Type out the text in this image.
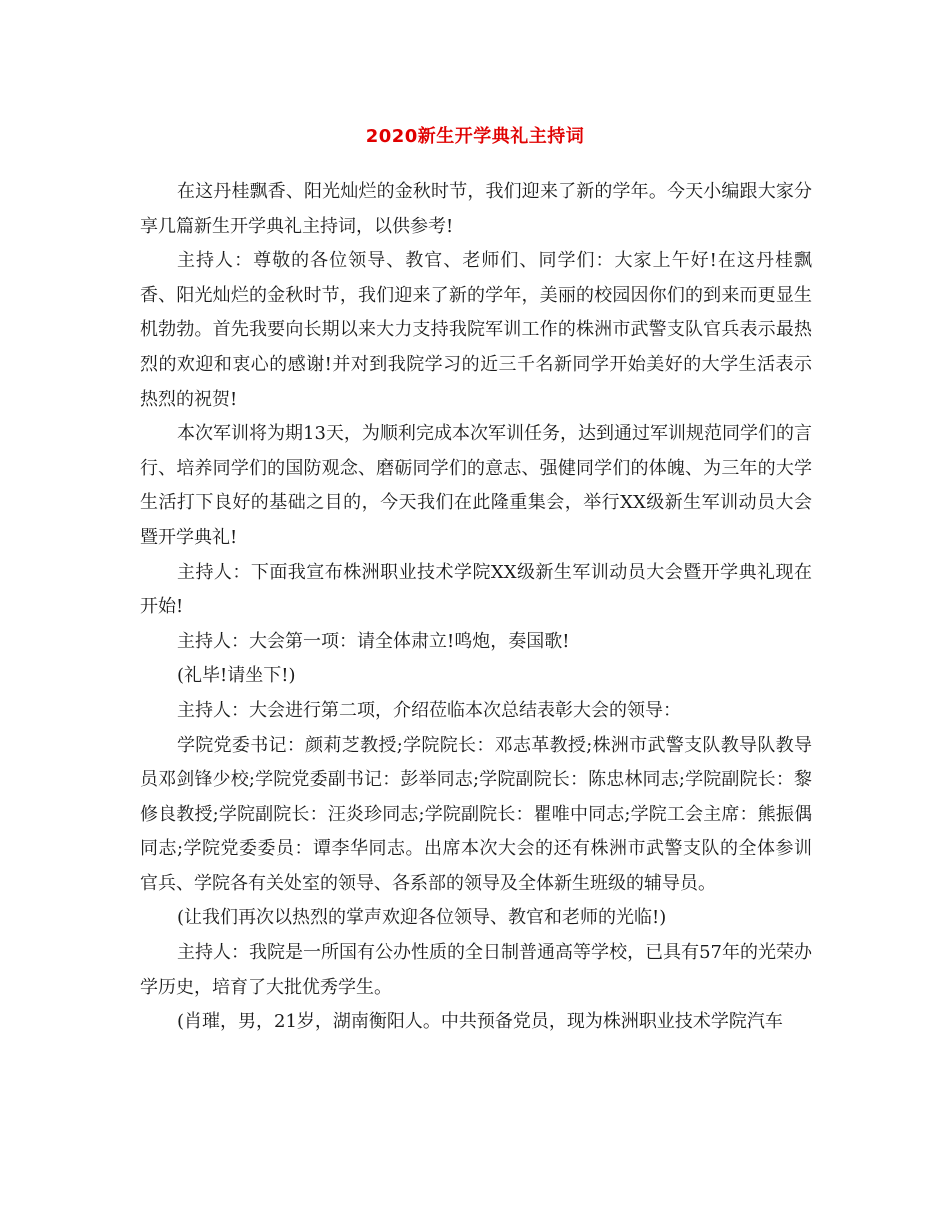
2020新生开学典礼主持词

在这丹桂飘香、阳光灿烂的金秋时节，我们迎来了新的学年。今天小编跟大家分享几篇新生开学典礼主持词，以供参考!

主持人：尊敬的各位领导、教官、老师们、同学们：大家上午好!在这丹桂飘香、阳光灿烂的金秋时节，我们迎来了新的学年，美丽的校园因你们的到来而更显生机勃勃。首先我要向长期以来大力支持我院军训工作的株洲市武警支队官兵表示最热烈的欢迎和衷心的感谢!并对到我院学习的近三千名新同学开始美好的大学生活表示热烈的祝贺!

本次军训将为期13天，为顺利完成本次军训任务，达到通过军训规范同学们的言行、培养同学们的国防观念、磨砺同学们的意志、强健同学们的体魄、为三年的大学生活打下良好的基础之目的，今天我们在此隆重集会，举行XX级新生军训动员大会暨开学典礼!

主持人：下面我宣布株洲职业技术学院XX级新生军训动员大会暨开学典礼现在开始!

主持人：大会第一项：请全体肃立!鸣炮，奏国歌!

(礼毕!请坐下!)

主持人：大会进行第二项，介绍莅临本次总结表彰大会的领导：

学院党委书记：颜莉芝教授;学院院长：邓志革教授;株洲市武警支队教导队教导员邓剑锋少校;学院党委副书记：彭举同志;学院副院长：陈忠林同志;学院副院长：黎修良教授;学院副院长：汪炎珍同志;学院副院长：瞿唯中同志;学院工会主席：熊振偶同志;学院党委委员：谭李华同志。出席本次大会的还有株洲市武警支队的全体参训官兵、学院各有关处室的领导、各系部的领导及全体新生班级的辅导员。

(让我们再次以热烈的掌声欢迎各位领导、教官和老师的光临!)

主持人：我院是一所国有公办性质的全日制普通高等学校，已具有57年的光荣办学历史，培育了大批优秀学生。

(肖璀，男，21岁，湖南衡阳人。中共预备党员，现为株洲职业技术学院汽车
